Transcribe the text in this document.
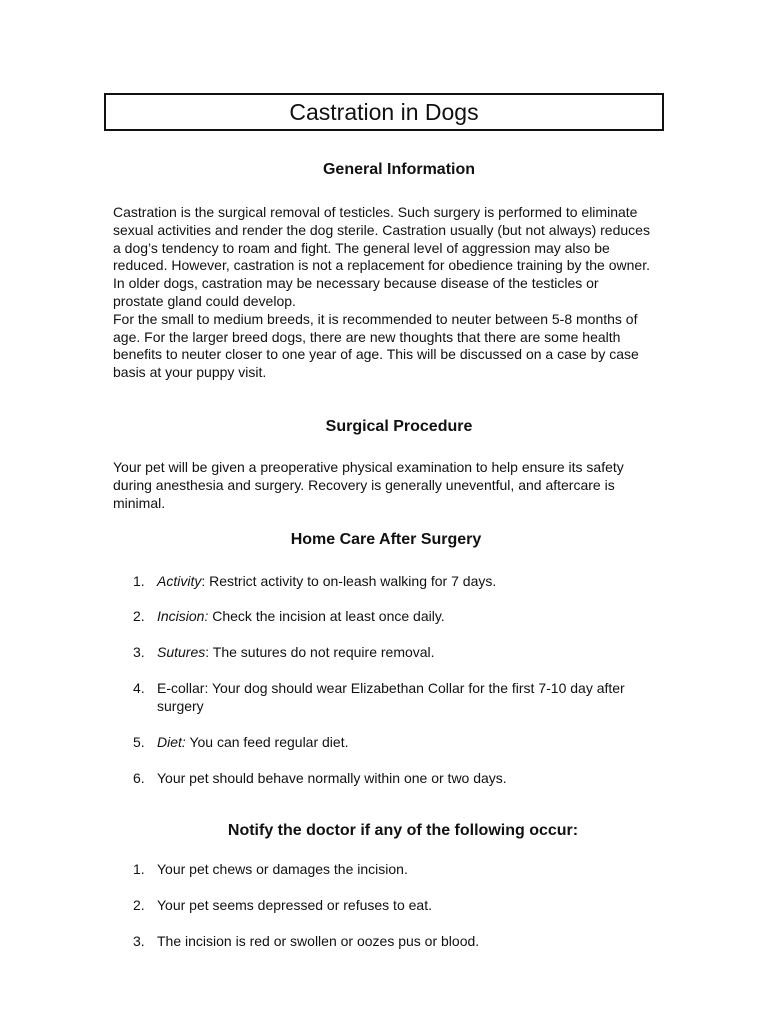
Castration in Dogs
General Information

Castration is the surgical removal of testicles. Such surgery is performed to eliminate sexual activities and render the dog sterile. Castration usually (but not always) reduces a dog’s tendency to roam and fight. The general level of aggression may also be reduced. However, castration is not a replacement for obedience training by the owner.

In older dogs, castration may be necessary because disease of the testicles or prostate gland could develop.

For the small to medium breeds, it is recommended to neuter between 5-8 months of age. For the larger breed dogs, there are new thoughts that there are some health benefits to neuter closer to one year of age. This will be discussed on a case by case basis at your puppy visit.

Surgical Procedure

Your pet will be given a preoperative physical examination to help ensure its safety during anesthesia and surgery. Recovery is generally uneventful, and aftercare is minimal.

Home Care After Surgery
1. Activity: Restrict activity to on-leash walking for 7 days.
2. Incision: Check the incision at least once daily.
3. Sutures: The sutures do not require removal.
4. E-collar: Your dog should wear Elizabethan Collar for the first 7-10 day after surgery
5. Diet: You can feed regular diet.
6. Your pet should behave normally within one or two days.
Notify the doctor if any of the following occur:
1. Your pet chews or damages the incision.
2. Your pet seems depressed or refuses to eat.
3. The incision is red or swollen or oozes pus or blood.
